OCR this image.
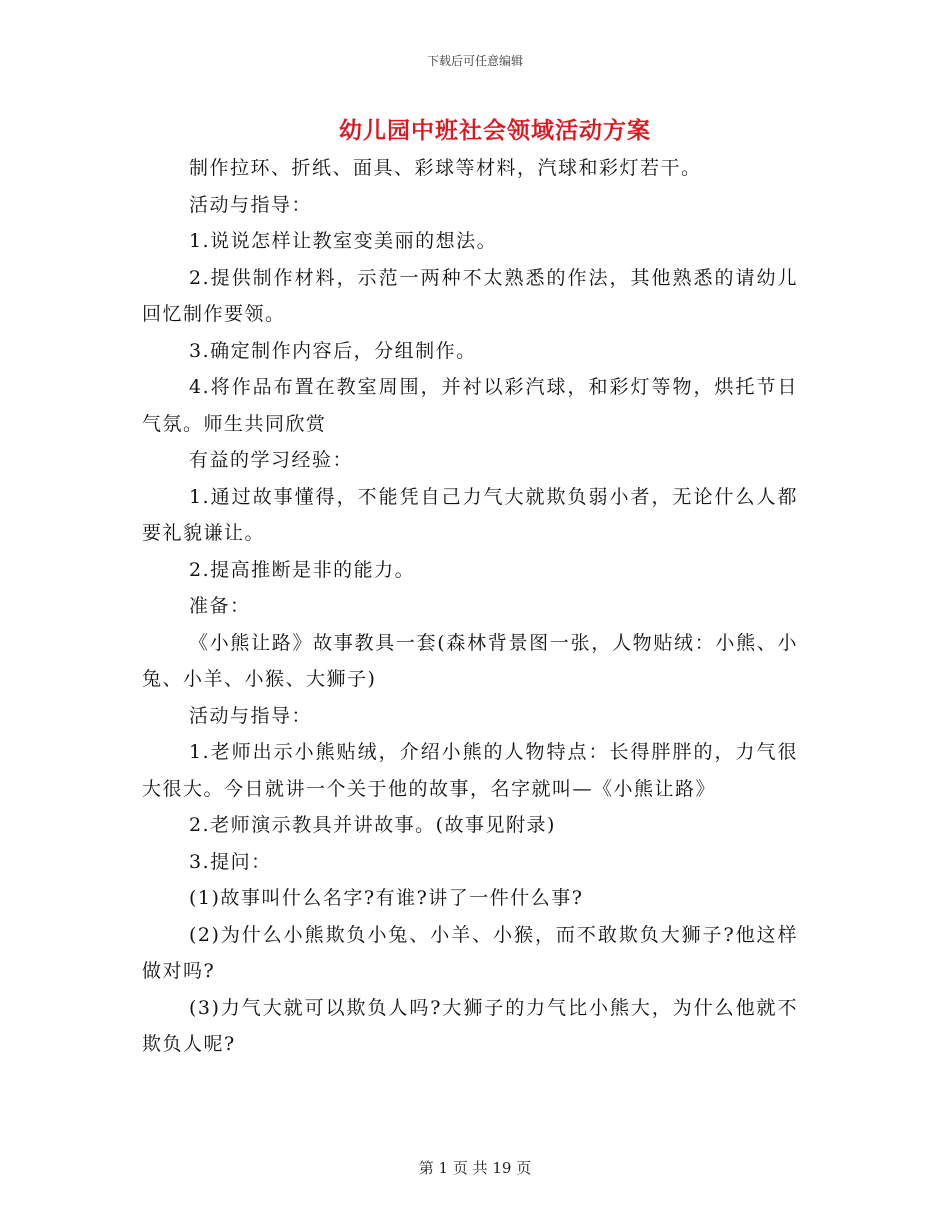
下载后可任意编辑
幼儿园中班社会领域活动方案

制作拉环、折纸、面具、彩球等材料，汽球和彩灯若干。

活动与指导：

1.说说怎样让教室变美丽的想法。

2.提供制作材料，示范一两种不太熟悉的作法，其他熟悉的请幼儿回忆制作要领。

3.确定制作内容后，分组制作。

4.将作品布置在教室周围，并衬以彩汽球，和彩灯等物，烘托节日气氛。师生共同欣赏

有益的学习经验：

1.通过故事懂得，不能凭自己力气大就欺负弱小者，无论什么人都要礼貌谦让。

2.提高推断是非的能力。

准备：

《小熊让路》故事教具一套(森林背景图一张，人物贴绒：小熊、小兔、小羊、小猴、大狮子)

活动与指导：

1.老师出示小熊贴绒，介绍小熊的人物特点：长得胖胖的，力气很大很大。今日就讲一个关于他的故事，名字就叫—《小熊让路》

2.老师演示教具并讲故事。(故事见附录)

3.提问：

(1)故事叫什么名字?有谁?讲了一件什么事?

(2)为什么小熊欺负小兔、小羊、小猴，而不敢欺负大狮子?他这样做对吗?

(3)力气大就可以欺负人吗?大狮子的力气比小熊大，为什么他就不欺负人呢?

第 1 页 共 19 页
